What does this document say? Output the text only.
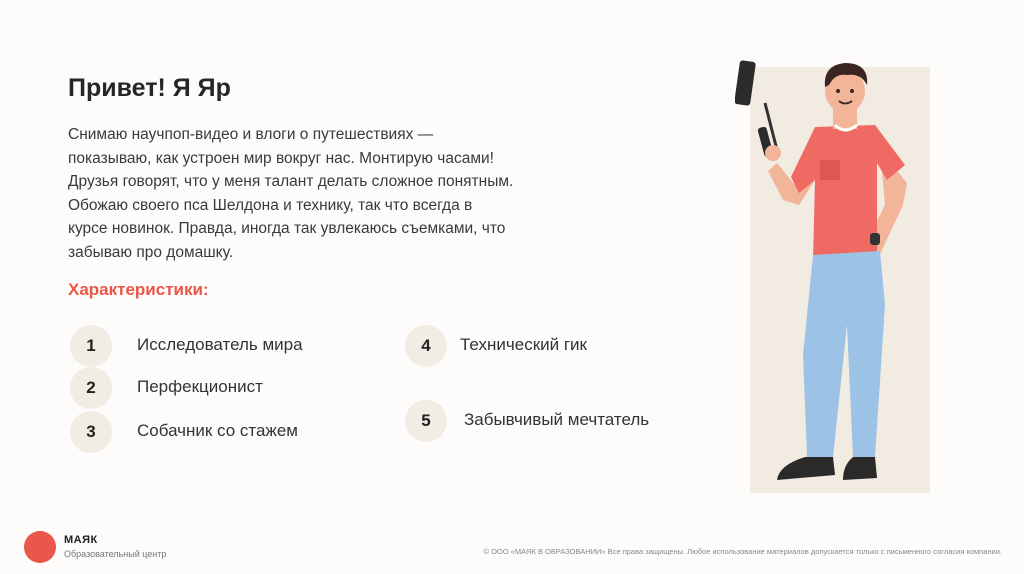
Привет! Я Яр
Снимаю научпоп-видео и влоги о путешествиях —
показываю, как устроен мир вокруг нас. Монтирую часами!
Друзья говорят, что у меня талант делать сложное понятным.
Обожаю своего пса Шелдона и технику, так что всегда в
курсе новинок. Правда, иногда так увлекаюсь съемками, что
забываю про домашку.
Характеристики:
1	Исследователь мира
2	Перфекционист
3	Собачник со стажем
4	Технический гик
5	Забывчивый мечтатель
МАЯК
Образовательный центр	© ООО «МАЯК В ОБРАЗОВАНИИ» Все права защищены. Любое использование материалов допускается только с письменного согласия компании.
